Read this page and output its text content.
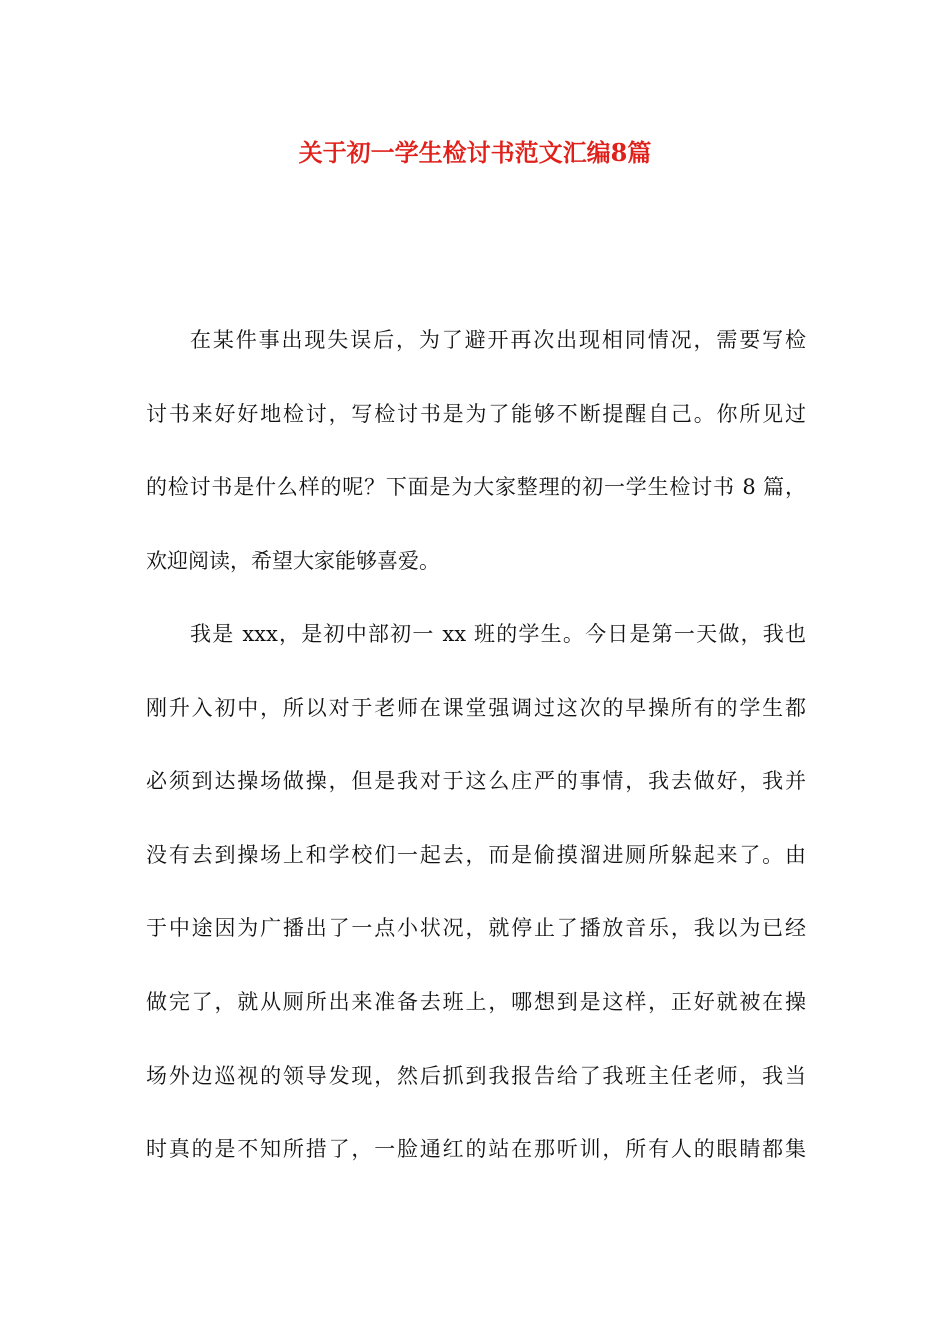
关于初一学生检讨书范文汇编8篇
在某件事出现失误后，为了避开再次出现相同情况，需要写检
讨书来好好地检讨，写检讨书是为了能够不断提醒自己。你所见过
的检讨书是什么样的呢？下面是为大家整理的初一学生检讨书 8 篇，
欢迎阅读，希望大家能够喜爱。
我是 xxx，是初中部初一 xx 班的学生。今日是第一天做，我也
刚升入初中，所以对于老师在课堂强调过这次的早操所有的学生都
必须到达操场做操，但是我对于这么庄严的事情，我去做好，我并
没有去到操场上和学校们一起去，而是偷摸溜进厕所躲起来了。由
于中途因为广播出了一点小状况，就停止了播放音乐，我以为已经
做完了，就从厕所出来准备去班上，哪想到是这样，正好就被在操
场外边巡视的领导发现，然后抓到我报告给了我班主任老师，我当
时真的是不知所措了，一脸通红的站在那听训，所有人的眼睛都集
